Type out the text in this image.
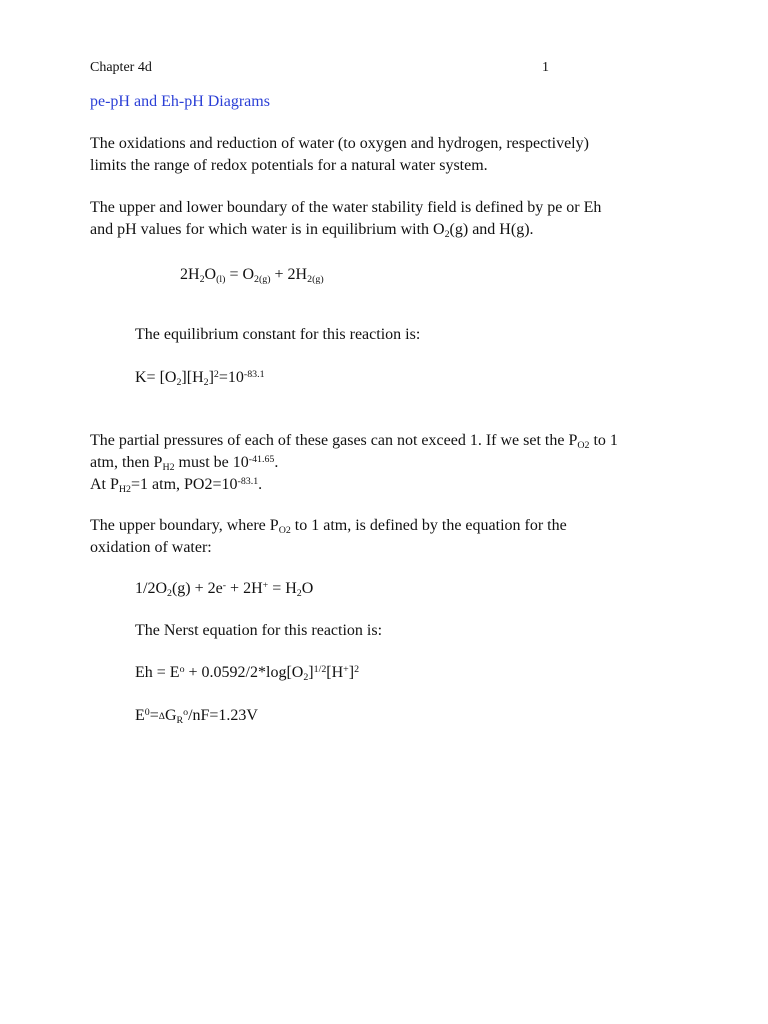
Chapter 4d	1
pe-pH and Eh-pH Diagrams
The oxidations and reduction of water (to oxygen and hydrogen, respectively)
limits the range of redox potentials for a natural water system.
The upper and lower boundary of the water stability field is defined by pe or Eh
and pH values for which water is in equilibrium with $O_2(g)$ and H(g).
$2H_2O_{(l)} = O_{2(g)} + 2H_{2(g)}$
The equilibrium constant for this reaction is:
$K= [O_2][H_2]^2=10^{-83.1}$
The partial pressures of each of these gases can not exceed 1. If we set the $P_{O2}$ to 1
atm, then $P_{H2}$ must be $10^{-41.65}$.
At $P_{H2}=1$ atm, $PO2=10^{-83.1}$.
The upper boundary, where $P_{O2}$ to 1 atm, is defined by the equation for the
oxidation of water:
$1/2O_2(g) + 2e^- + 2H^+ = H_2O$
The Nerst equation for this reaction is:
$Eh = E^o + 0.0592/2*\log[O_2]^{1/2}[H^+]^2$
$E^0=\Delta G_R^o/nF=1.23V$
